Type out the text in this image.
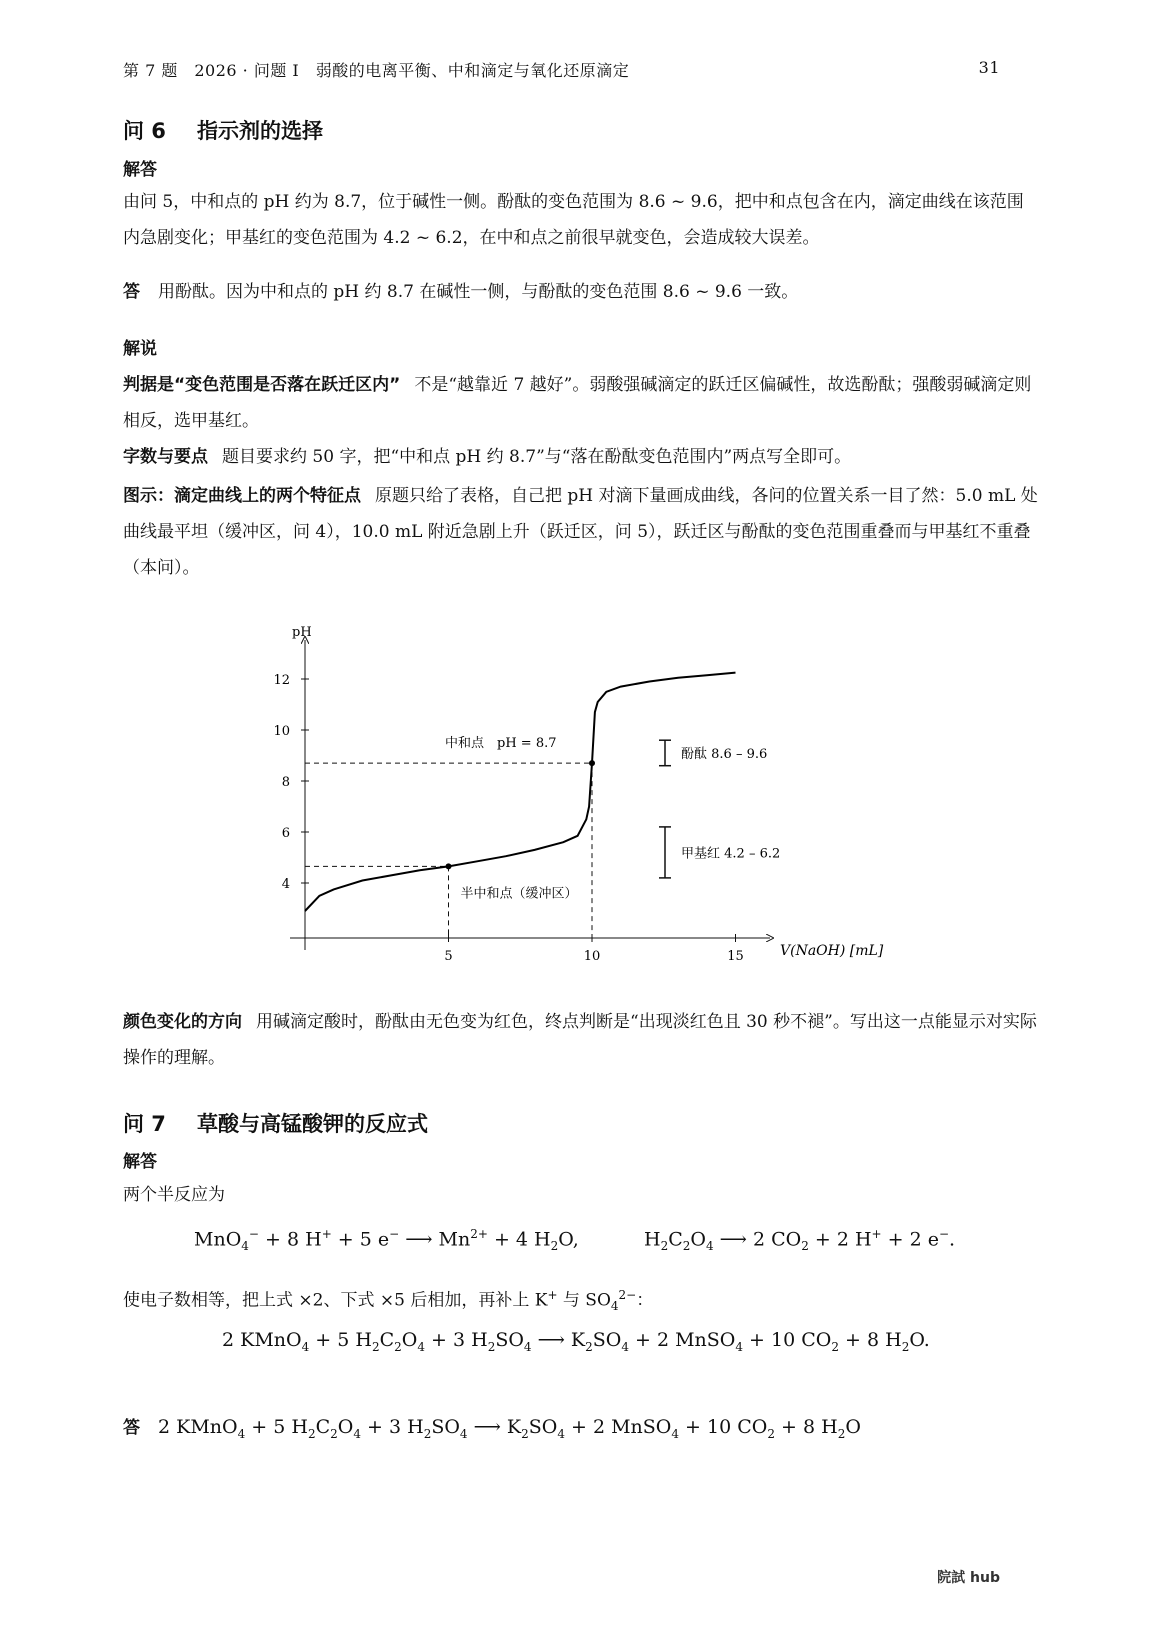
第 7 题　2026 · 问题 I　弱酸的电离平衡、中和滴定与氧化还原滴定	31
问 6 指示剂的选择
解答
由问 5，中和点的 pH 约为 8.7，位于碱性一侧。酚酞的变色范围为 8.6 ~ 9.6，把中和点包含在内，滴定曲线在该范围内急剧变化；甲基红的变色范围为 4.2 ~ 6.2，在中和点之前很早就变色，会造成较大误差。
答 用酚酞。因为中和点的 pH 约 8.7 在碱性一侧，与酚酞的变色范围 8.6 ~ 9.6 一致。
解说
判据是“变色范围是否落在跃迁区内” 不是“越靠近 7 越好”。弱酸强碱滴定的跃迁区偏碱性，故选酚酞；强酸弱碱滴定则相反，选甲基红。
字数与要点 题目要求约 50 字，把“中和点 pH 约 8.7”与“落在酚酞变色范围内”两点写全即可。
图示：滴定曲线上的两个特征点 原题只给了表格，自己把 pH 对滴下量画成曲线，各问的位置关系一目了然：5.0 mL 处曲线最平坦（缓冲区，问 4），10.0 mL 附近急剧上升（跃迁区，问 5），跃迁区与酚酞的变色范围重叠而与甲基红不重叠（本问）。
pH
V(NaOH) [mL]
5	10	15
4
6
8
10
12
中和点　pH = 8.7
半中和点（缓冲区）
酚酞 8.6 – 9.6
甲基红 4.2 – 6.2
颜色变化的方向 用碱滴定酸时，酚酞由无色变为红色，终点判断是“出现淡红色且 30 秒不褪”。写出这一点能显示对实际操作的理解。
问 7 草酸与高锰酸钾的反应式
解答
两个半反应为
MnO$_4$− + 8 H+ + 5 e− ⟶ $Mn^{2+} + 4$ $H_2O$,	$H_2C_2O_4$ ⟶ 2 $CO_2 + 2$ H+ + 2 e−.
使电子数相等，把上式 ×2、下式 ×5 后相加，再补上 K+ 与 $SO_4^{2-}$：
2 KMnO$_4$ + 5 $H_2C_2O_4 + 3$ $H_2SO_4$ ⟶ $K_2SO_4 + 2$ MnSO$_4$ + 10 $CO_2 + 8$ $H_2O$.
答 2 KMnO$_4$ + 5 $H_2C_2O_4 + 3$ $H_2SO_4$ ⟶ $K_2SO_4 + 2$ MnSO$_4$ + 10 $CO_2 + 8$ $H_2O$
院試 hub
